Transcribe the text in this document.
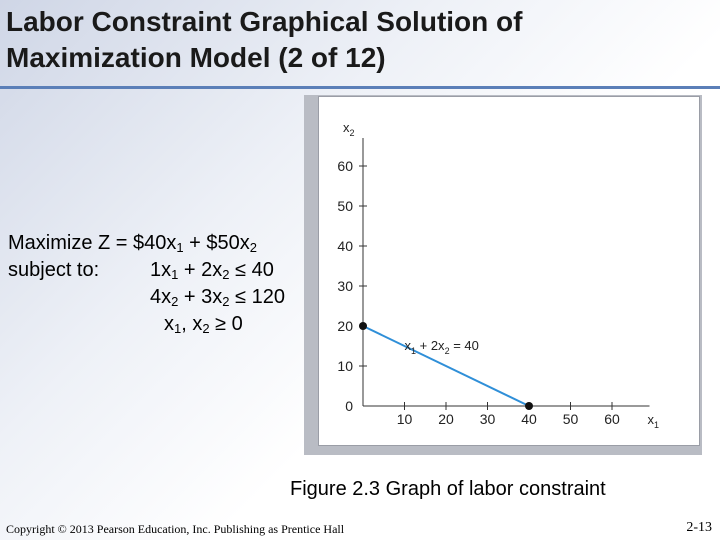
Labor Constraint Graphical Solution of Maximization Model (2 of 12)
Maximize $Z = \$40x_1$ + $\$50x_2$
subject to:	$1x_1 + 2x_2 \le 40$
$4x_2 + 3x_2 \le 120$
$x_1$, $x_2 \ge 0$
0
10
20
30
40
50
60
10 20 30 40 50 60
$x_2$
$x_1$
$x_1 + 2x_2 = 40$
Figure 2.3 Graph of labor constraint
Copyright © 2013 Pearson Education, Inc. Publishing as Prentice Hall	2-13
